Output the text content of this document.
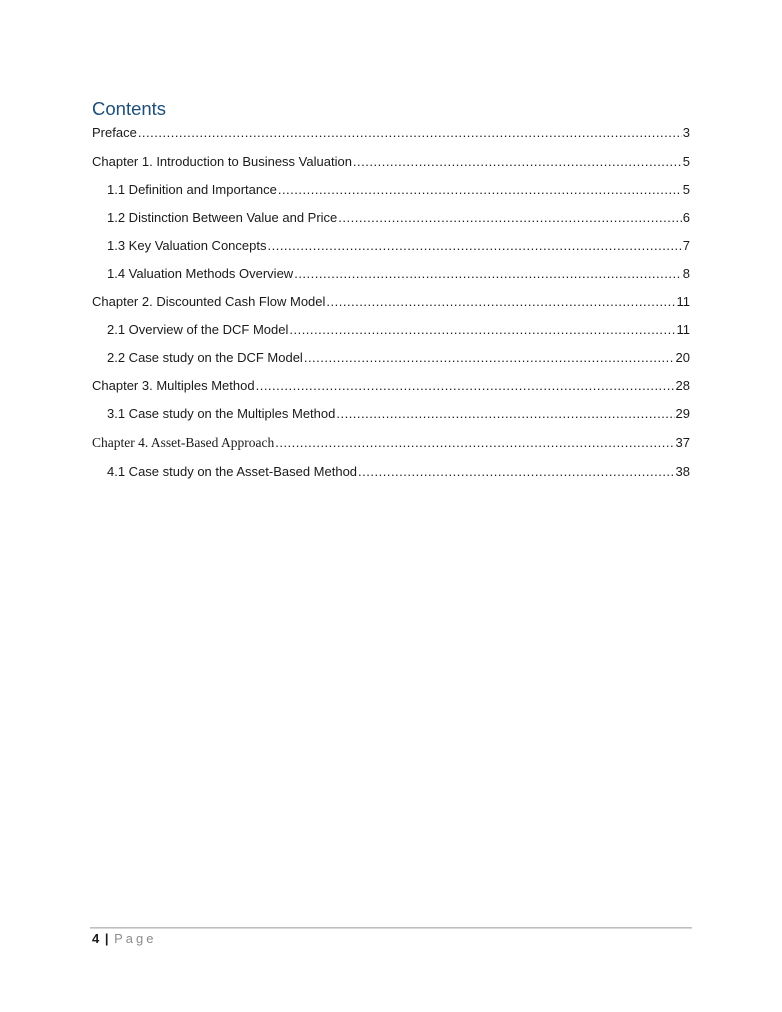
Contents
Preface .....	3
Chapter 1. Introduction to Business Valuation .....	5
1.1 Definition and Importance .....	5
1.2 Distinction Between Value and Price .....	6
1.3 Key Valuation Concepts .....	7
1.4 Valuation Methods Overview .....	8
Chapter 2. Discounted Cash Flow Model .....	11
2.1 Overview of the DCF Model .....	11
2.2 Case study on the DCF Model .....	20
Chapter 3. Multiples Method .....	28
3.1 Case study on the Multiples Method .....	29
Chapter 4. Asset-Based Approach .....	37
4.1 Case study on the Asset-Based Method .....	38
4 | Page
